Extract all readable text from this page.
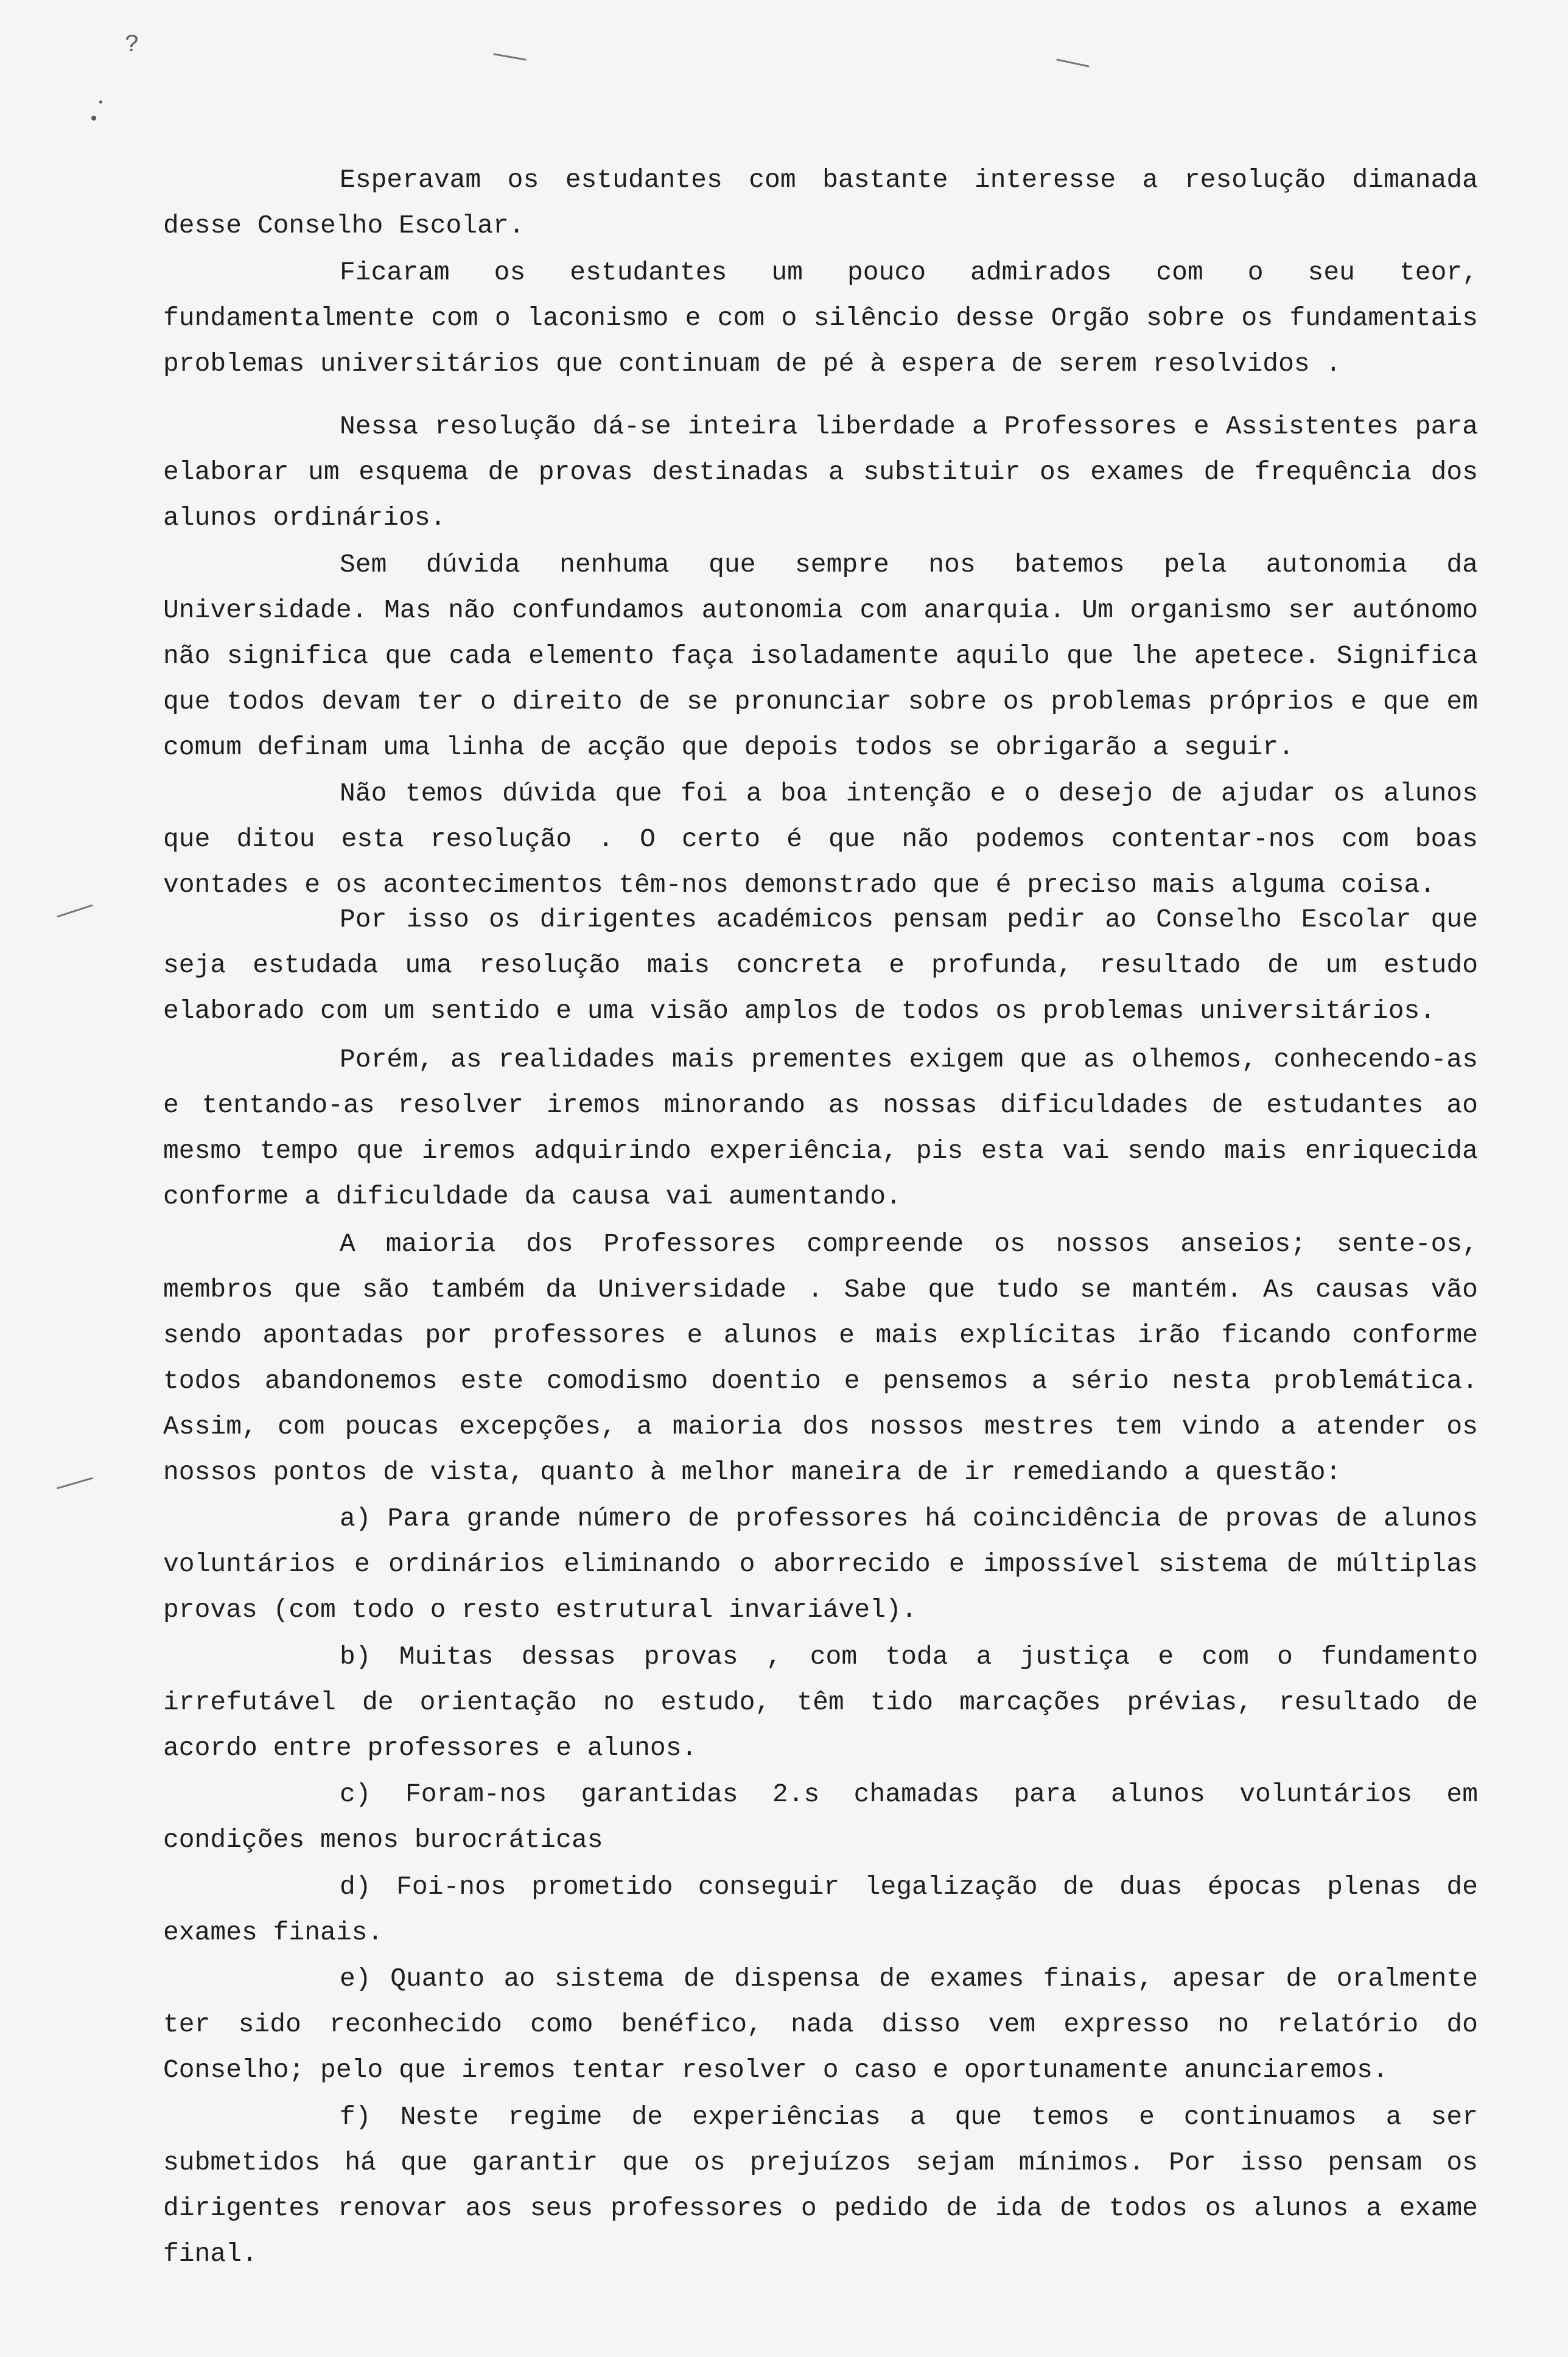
?

Esperavam os estudantes com bastante interesse a resolução dimanada desse Conselho Escolar.

Ficaram os estudantes um pouco admirados com o seu teor, fundamentalmente com o laconismo e com o silêncio desse Orgão sobre os fundamentais problemas universitários que continuam de pé à espera de serem resolvidos .

Nessa resolução dá-se inteira liberdade a Professores e Assistentes para elaborar um esquema de provas destinadas a substituir os exames de frequência dos alunos ordinários.

Sem dúvida nenhuma que sempre nos batemos pela autonomia da Universidade. Mas não confundamos autonomia com anarquia. Um organismo ser autónomo não significa que cada elemento faça isoladamente aquilo que lhe apetece. Significa que todos devam ter o direito de se pronunciar sobre os problemas próprios e que em comum definam uma linha de acção que depois todos se obrigarão a seguir.

Não temos dúvida que foi a boa intenção e o desejo de ajudar os alunos que ditou esta resolução . O certo é que não podemos contentar-nos com boas vontades e os acontecimentos têm-nos demonstrado que é preciso mais alguma coisa.

Por isso os dirigentes académicos pensam pedir ao Conselho Escolar que seja estudada uma resolução mais concreta e profunda, resultado de um estudo elaborado com um sentido e uma visão amplos de todos os problemas universitários.

Porém, as realidades mais prementes exigem que as olhemos, conhecendo-as e tentando-as resolver iremos minorando as nossas dificuldades de estudantes ao mesmo tempo que iremos adquirindo experiência, pis esta vai sendo mais enriquecida conforme a dificuldade da causa vai aumentando.

A maioria dos Professores compreende os nossos anseios; sente-os, membros que são também da Universidade . Sabe que tudo se mantém. As causas vão sendo apontadas por professores e alunos e mais explícitas irão ficando conforme todos abandonemos este comodismo doentio e pensemos a sério nesta problemática. Assim, com poucas excepções, a maioria dos nossos mestres tem vindo a atender os nossos pontos de vista, quanto à melhor maneira de ir remediando a questão:

a) Para grande número de professores há coincidência de provas de alunos voluntários e ordinários eliminando o aborrecido e impossível sistema de múltiplas provas (com todo o resto estrutural invariável).

b) Muitas dessas provas , com toda a justiça e com o fundamento irrefutável de orientação no estudo, têm tido marcações prévias, resultado de acordo entre professores e alunos.

c) Foram-nos garantidas 2.s chamadas para alunos voluntários em condições menos burocráticas

d) Foi-nos prometido conseguir legalização de duas épocas plenas de exames finais.

e) Quanto ao sistema de dispensa de exames finais, apesar de oralmente ter sido reconhecido como benéfico, nada disso vem expresso no relatório do Conselho; pelo que iremos tentar resolver o caso e oportunamente anunciaremos.

f) Neste regime de experiências a que temos e continuamos a ser submetidos há que garantir que os prejuízos sejam mínimos. Por isso pensam os dirigentes renovar aos seus professores o pedido de ida de todos os alunos a exame final.
